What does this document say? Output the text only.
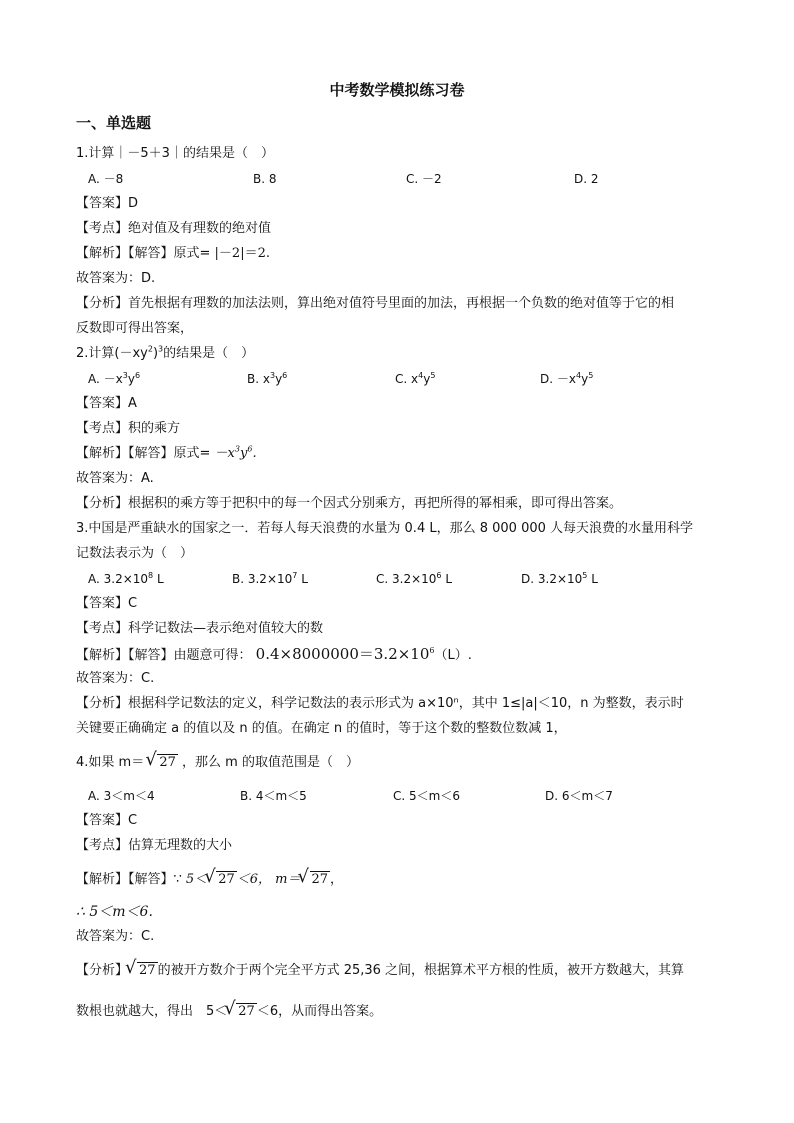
中考数学模拟练习卷
一、单选题
1.计算｜－5＋3｜的结果是（　）
A. －8	B. 8	C. －2	D. 2
【答案】D
【考点】绝对值及有理数的绝对值
【解析】【解答】原式= |－2|＝2.
故答案为：D.
【分析】首先根据有理数的加法法则，算出绝对值符号里面的加法，再根据一个负数的绝对值等于它的相
反数即可得出答案，
2.计算$(-xy^2)^3$的结果是（　）
A. $-x^3y^6$	B. $x^3y^6$	C. $x^4y^5$	D. $-x^4y^5$
【答案】A
【考点】积的乘方
【解析】【解答】原式= $-x^3y^6$.
故答案为：A.
【分析】根据积的乘方等于把积中的每一个因式分别乘方，再把所得的幂相乘，即可得出答案。
3.中国是严重缺水的国家之一．若每人每天浪费的水量为 0.4 L，那么 8 000 000 人每天浪费的水量用科学
记数法表示为（　）
A. $3.2\times 10^8$ L	B. $3.2\times 10^7$ L	C. $3.2\times 10^6$ L	D. $3.2\times 10^5$ L
【答案】C
【考点】科学记数法—表示绝对值较大的数
【解析】【解答】由题意可得： $0.4\times 8000000=3.2\times 10^6(L)$.
故答案为：C.
【分析】根据科学记数法的定义，科学记数法的表示形式为 a×10ⁿ，其中 1≤|a|＜10，n 为整数，表示时
关键要正确确定 a 的值以及 n 的值。在确定 n 的值时，等于这个数的整数位数减 1，
4.如果 m＝ √ 27 ，那么 m 的取值范围是（　）
A. 3＜m＜4	B. 4＜m＜5	C. 5＜m＜6	D. 6＜m＜7
【答案】C
【考点】估算无理数的大小
【解析】【解答】∵ 5＜ √ 27 ＜6， m＝ √ 27 ，
∴ 5＜m＜6.
故答案为：C.
【分析】 √ 27 的被开方数介于两个完全平方式 25,36 之间，根据算术平方根的性质，被开方数越大，其算
数根也就越大，得出　5＜ √ 27 ＜6，从而得出答案。
